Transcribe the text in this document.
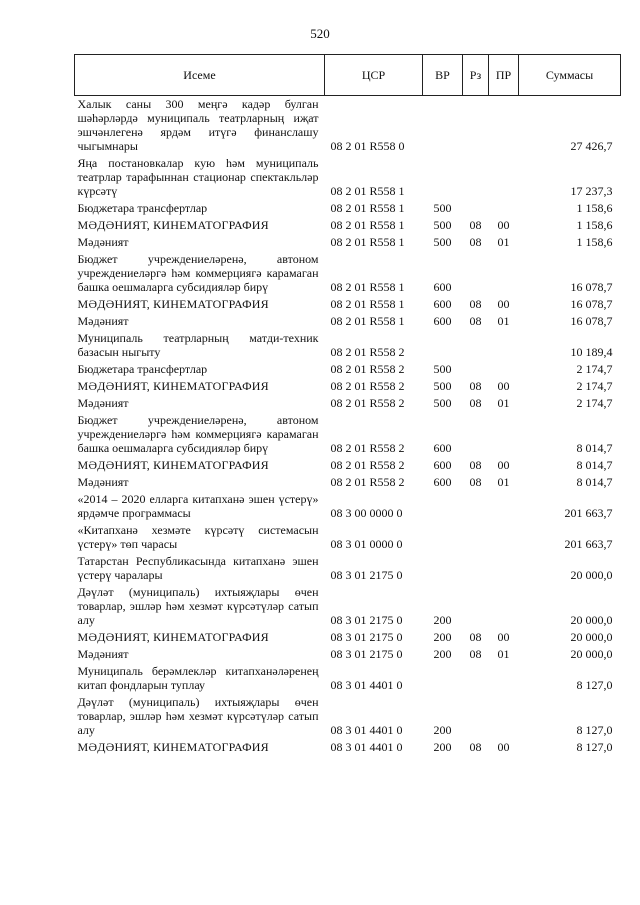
520
Исеме	ЦСР	ВР	Рз	ПР	Суммасы
Халык саны 300 меңгә кадәр булган шәһәрләрдә муниципаль театрларның иҗат эшчәнлегенә ярдәм итүгә финанслашу чыгымнары	08 2 01 R558 0				27 426,7
Яңа постановкалар кую һәм муниципаль театрлар тарафыннан стационар спектакльләр күрсәтү	08 2 01 R558 1				17 237,3
Бюджетара трансфертлар	08 2 01 R558 1	500			1 158,6
МӘДӘНИЯТ, КИНЕМАТОГРАФИЯ	08 2 01 R558 1	500	08	00	1 158,6
Мәдәният	08 2 01 R558 1	500	08	01	1 158,6
Бюджет учреждениеләренә, автоном учреждениеләргә һәм коммерциягә карамаган башка оешмаларга субсидияләр бирү	08 2 01 R558 1	600			16 078,7
МӘДӘНИЯТ, КИНЕМАТОГРАФИЯ	08 2 01 R558 1	600	08	00	16 078,7
Мәдәният	08 2 01 R558 1	600	08	01	16 078,7
Муниципаль театрларның матди-техник базасын ныгыту	08 2 01 R558 2				10 189,4
Бюджетара трансфертлар	08 2 01 R558 2	500			2 174,7
МӘДӘНИЯТ, КИНЕМАТОГРАФИЯ	08 2 01 R558 2	500	08	00	2 174,7
Мәдәният	08 2 01 R558 2	500	08	01	2 174,7
Бюджет учреждениеләренә, автоном учреждениеләргә һәм коммерциягә карамаган башка оешмаларга субсидияләр бирү	08 2 01 R558 2	600			8 014,7
МӘДӘНИЯТ, КИНЕМАТОГРАФИЯ	08 2 01 R558 2	600	08	00	8 014,7
Мәдәният	08 2 01 R558 2	600	08	01	8 014,7
«2014 – 2020 елларга китапханә эшен үстерү» ярдәмче программасы	08 3 00 0000 0				201 663,7
«Китапханә хезмәте күрсәтү системасын үстерү» төп чарасы	08 3 01 0000 0				201 663,7
Татарстан Республикасында китапханә эшен үстерү чаралары	08 3 01 2175 0				20 000,0
Дәүләт (муниципаль) ихтыяҗлары өчен товарлар, эшләр һәм хезмәт күрсәтүләр сатып алу	08 3 01 2175 0	200			20 000,0
МӘДӘНИЯТ, КИНЕМАТОГРАФИЯ	08 3 01 2175 0	200	08	00	20 000,0
Мәдәният	08 3 01 2175 0	200	08	01	20 000,0
Муниципаль берәмлекләр китапханәләренең китап фондларын туплау	08 3 01 4401 0				8 127,0
Дәүләт (муниципаль) ихтыяҗлары өчен товарлар, эшләр һәм хезмәт күрсәтүләр сатып алу	08 3 01 4401 0	200			8 127,0
МӘДӘНИЯТ, КИНЕМАТОГРАФИЯ	08 3 01 4401 0	200	08	00	8 127,0
